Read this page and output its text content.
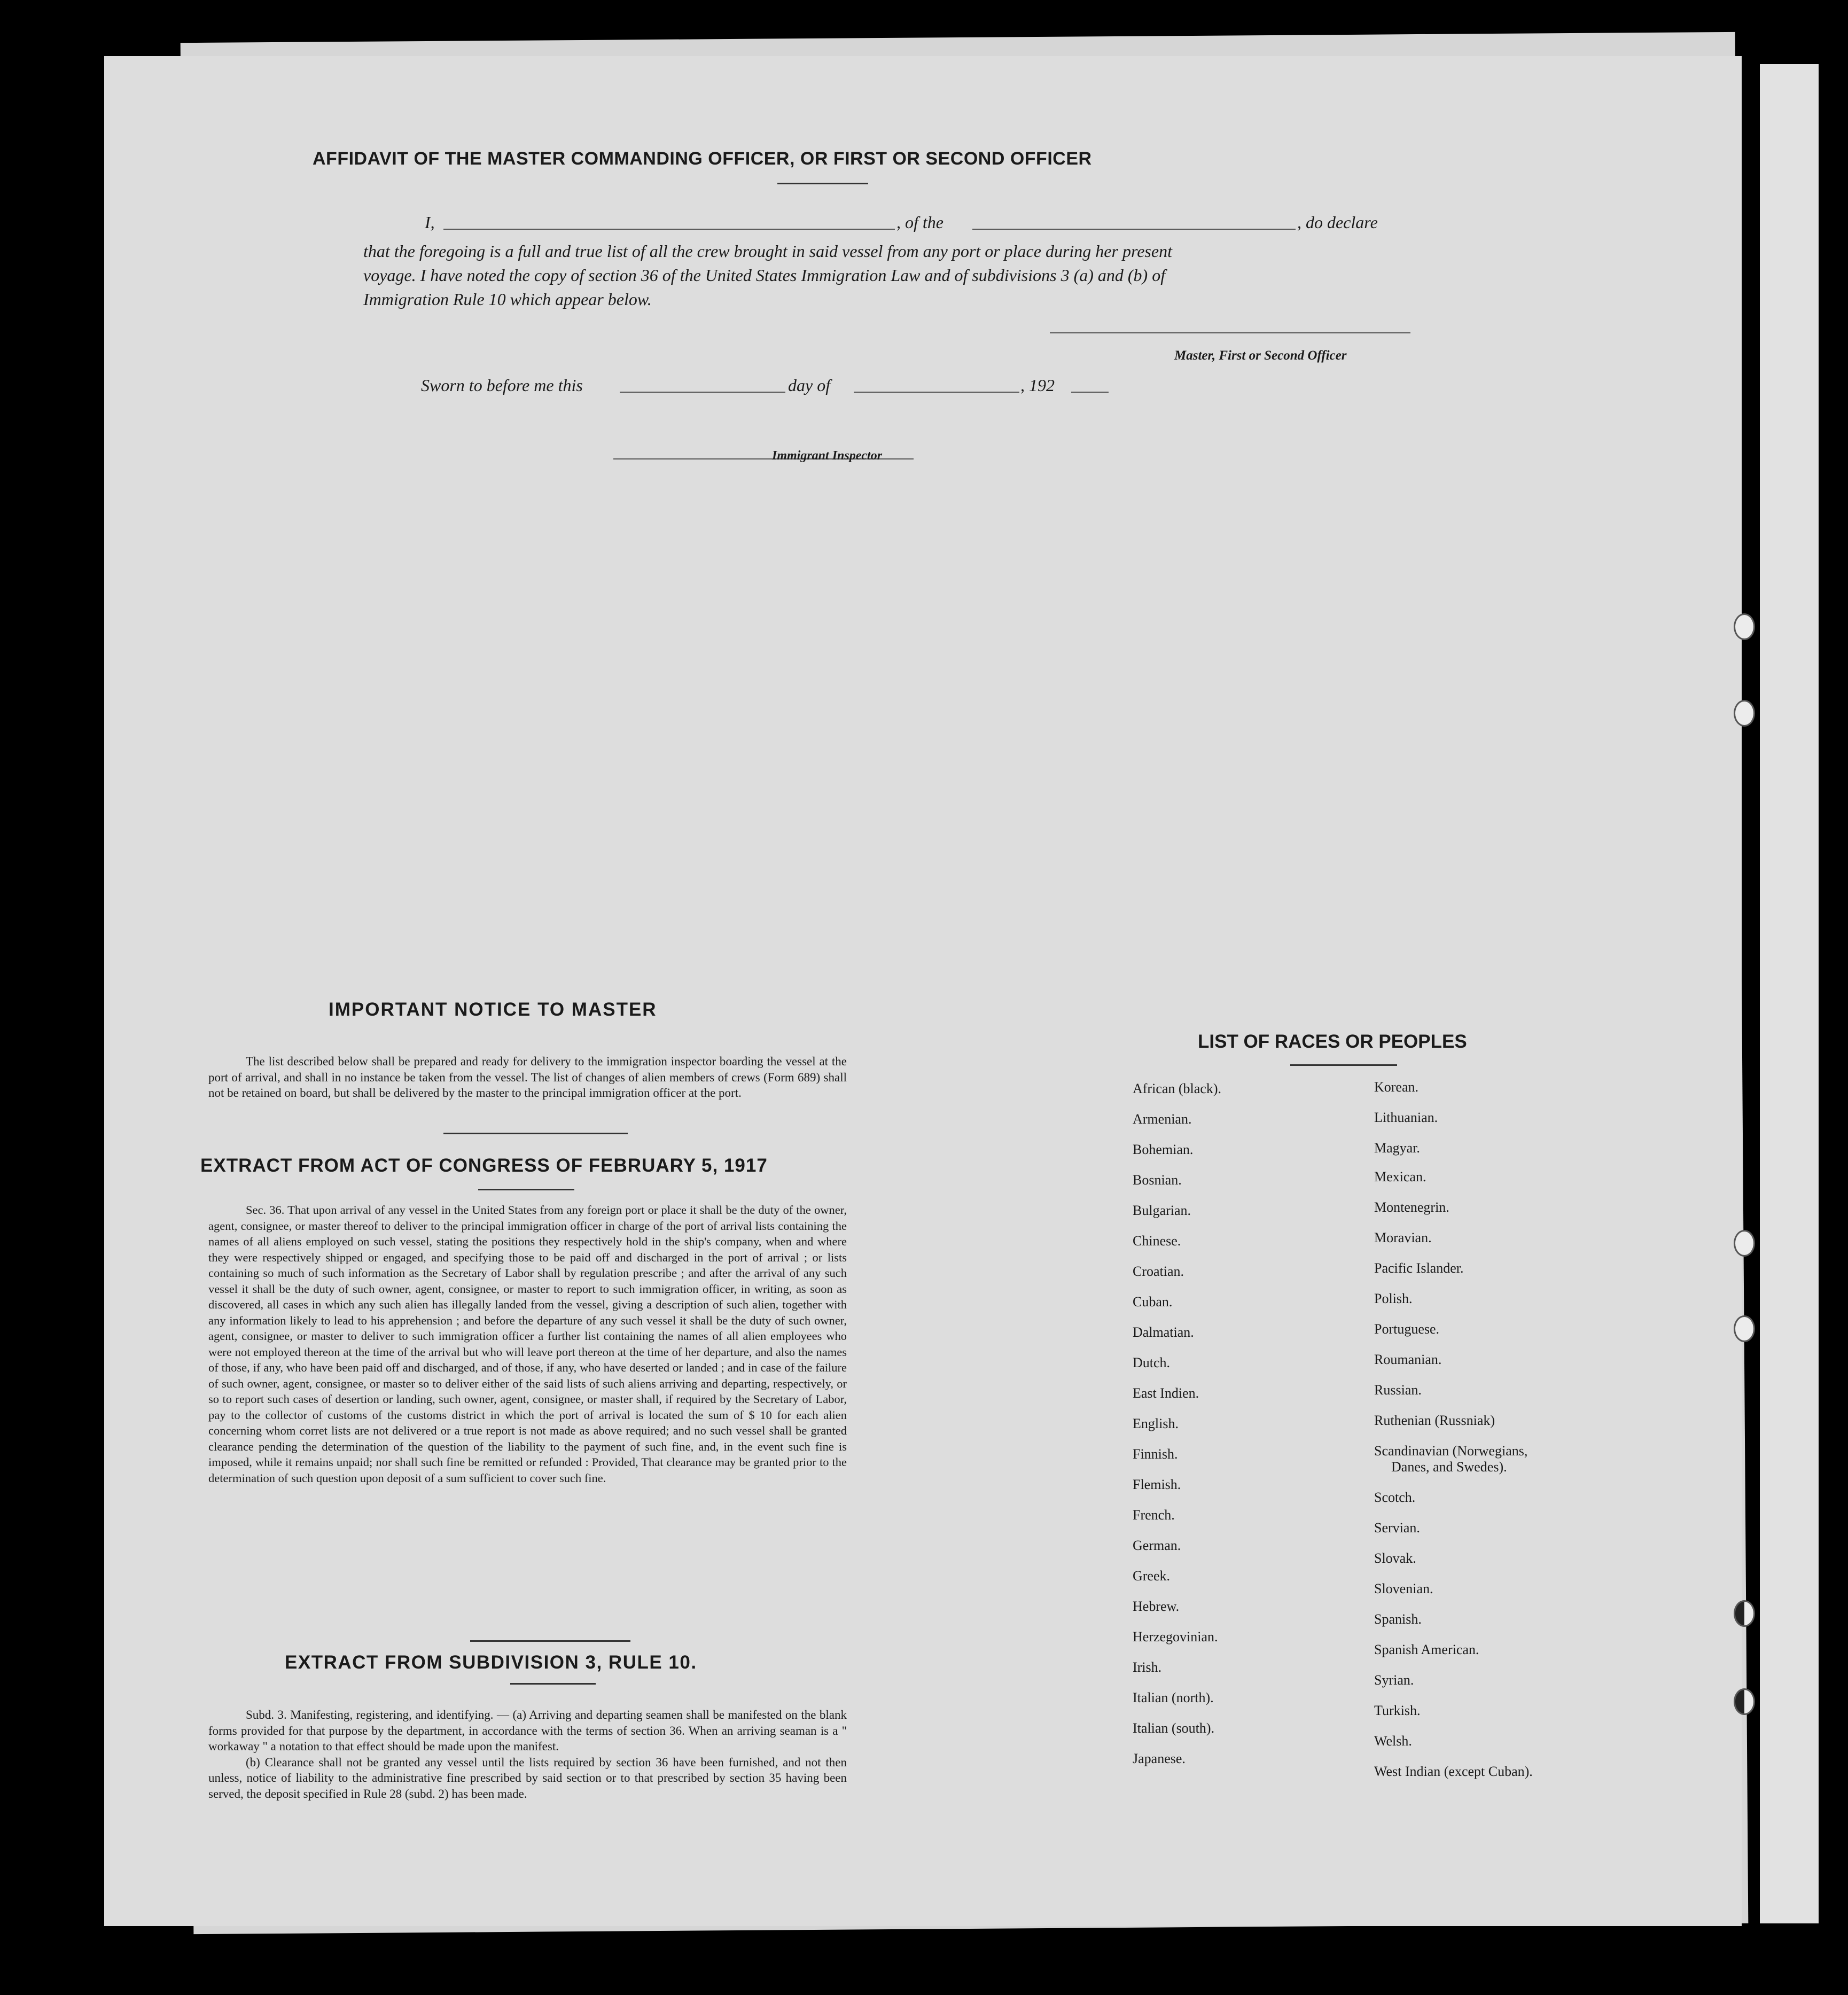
AFFIDAVIT OF THE MASTER COMMANDING OFFICER, OR FIRST OR SECOND OFFICER
I,	, of the	, do declare
that the foregoing is a full and true list of all the crew brought in said vessel from any port or place during her present
voyage. I have noted the copy of section 36 of the United States Immigration Law and of subdivisions 3 (a) and (b) of
Immigration Rule 10 which appear below.
Master, First or Second Officer
Sworn to before me this	day of	, 192
Immigrant Inspector
IMPORTANT NOTICE TO MASTER

The list described below shall be prepared and ready for delivery to the immigration inspector boarding the vessel at the port of arrival, and shall in no instance be taken from the vessel. The list of changes of alien members of crews (Form 689) shall not be retained on board, but shall be delivered by the master to the principal immigration officer at the port.

EXTRACT FROM ACT OF CONGRESS OF FEBRUARY 5, 1917

Sec. 36. That upon arrival of any vessel in the United States from any foreign port or place it shall be the duty of the owner, agent, consignee, or master thereof to deliver to the principal immigration officer in charge of the port of arrival lists containing the names of all aliens employed on such vessel, stating the positions they respectively hold in the ship's company, when and where they were respectively shipped or engaged, and specifying those to be paid off and discharged in the port of arrival ; or lists containing so much of such information as the Secretary of Labor shall by regulation prescribe ; and after the arrival of any such vessel it shall be the duty of such owner, agent, consignee, or master to report to such immigration officer, in writing, as soon as discovered, all cases in which any such alien has illegally landed from the vessel, giving a description of such alien, together with any information likely to lead to his apprehension ; and before the departure of any such vessel it shall be the duty of such owner, agent, consignee, or master to deliver to such immigration officer a further list containing the names of all alien employees who were not employed thereon at the time of the arrival but who will leave port thereon at the time of her departure, and also the names of those, if any, who have been paid off and discharged, and of those, if any, who have deserted or landed ; and in case of the failure of such owner, agent, consignee, or master so to deliver either of the said lists of such aliens arriving and departing, respectively, or so to report such cases of desertion or landing, such owner, agent, consignee, or master shall, if required by the Secretary of Labor, pay to the collector of customs of the customs district in which the port of arrival is located the sum of $ 10 for each alien concerning whom corret lists are not delivered or a true report is not made as above required; and no such vessel shall be granted clearance pending the determination of the question of the liability to the payment of such fine, and, in the event such fine is imposed, while it remains unpaid; nor shall such fine be remitted or refunded : Provided, That clearance may be granted prior to the determination of such question upon deposit of a sum sufficient to cover such fine.

EXTRACT FROM SUBDIVISION 3, RULE 10.

Subd. 3. Manifesting, registering, and identifying. — (a) Arriving and departing seamen shall be manifested on the blank forms provided for that purpose by the department, in accordance with the terms of section 36. When an arriving seaman is a " workaway " a notation to that effect should be made upon the manifest.

(b) Clearance shall not be granted any vessel until the lists required by section 36 have been furnished, and not then unless, notice of liability to the administrative fine prescribed by said section or to that prescribed by section 35 having been served, the deposit specified in Rule 28 (subd. 2) has been made.

LIST OF RACES OR PEOPLES
African (black).
Armenian.
Bohemian.
Bosnian.
Bulgarian.
Chinese.
Croatian.
Cuban.
Dalmatian.
Dutch.
East Indien.
English.
Finnish.
Flemish.
French.
German.
Greek.
Hebrew.
Herzegovinian.
Irish.
Italian (north).
Italian (south).
Japanese.
Korean.
Lithuanian.
Magyar.
Mexican.
Montenegrin.
Moravian.
Pacific Islander.
Polish.
Portuguese.
Roumanian.
Russian.
Ruthenian (Russniak)
Scandinavian (Norwegians,
Danes, and Swedes).
Scotch.
Servian.
Slovak.
Slovenian.
Spanish.
Spanish American.
Syrian.
Turkish.
Welsh.
West Indian (except Cuban).
